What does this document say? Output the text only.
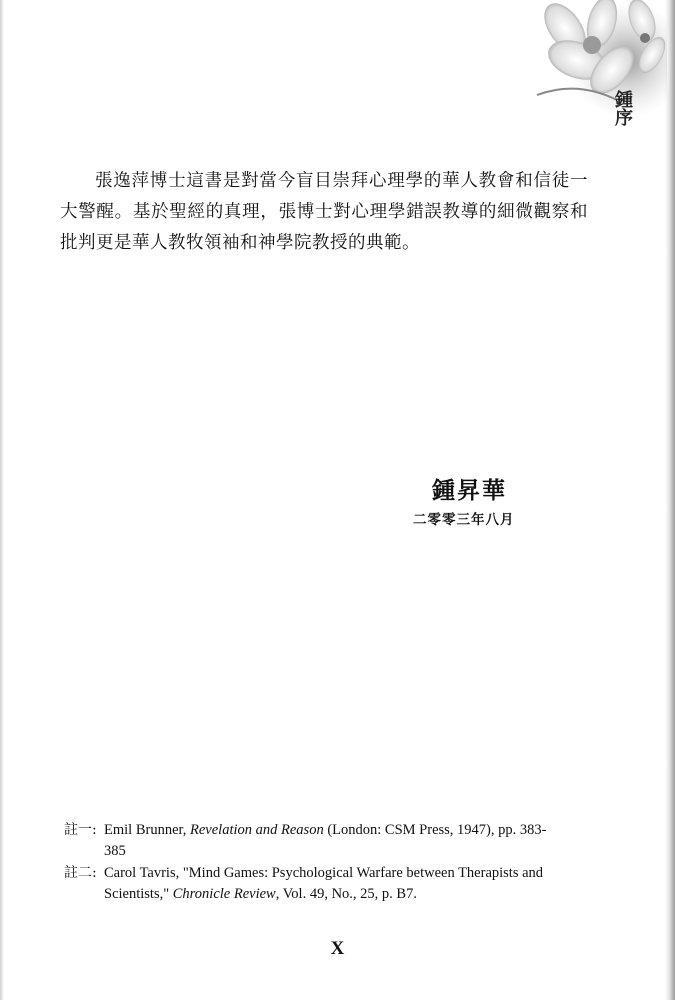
鍾序

張逸萍博士這書是對當今盲目崇拜心理學的華人教會和信徒一大警醒。基於聖經的真理，張博士對心理學錯誤教導的細微觀察和批判更是華人教牧領袖和神學院教授的典範。

鍾昇華
二零零三年八月
註一: Emil Brunner, Revelation and Reason (London: CSM Press, 1947), pp. 383-385
註二: Carol Tavris, "Mind Games: Psychological Warfare between Therapists and Scientists," Chronicle Review, Vol. 49, No., 25, p. B7.
X
